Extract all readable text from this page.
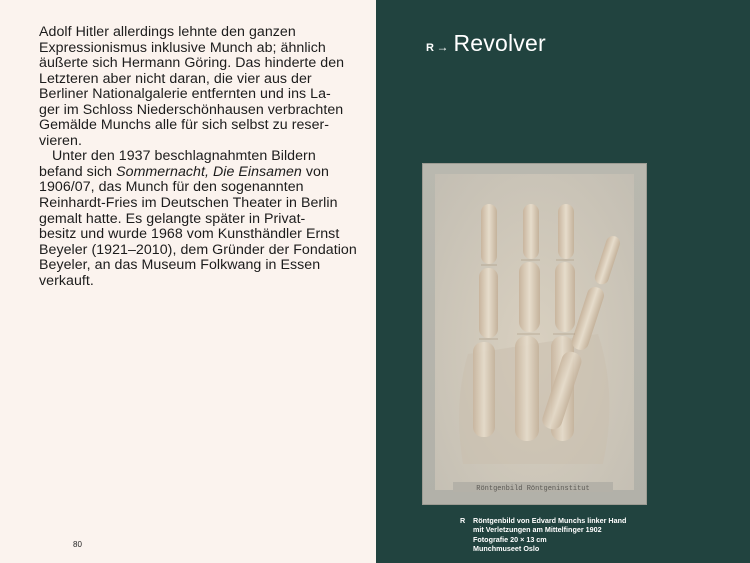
Adolf Hitler allerdings lehnte den ganzen
Expressionismus inklusive Munch ab; ähnlich
äußerte sich Hermann Göring. Das hinderte den
Letzteren aber nicht daran, die vier aus der
Berliner Nationalgalerie entfernten und ins La-
ger im Schloss Niederschönhausen verbrachten
Gemälde Munchs alle für sich selbst zu reser-
vieren.
Unter den 1937 beschlagnahmten Bildern
befand sich Sommernacht, Die Einsamen von
1906/07, das Munch für den sogenannten
Reinhardt-Fries im Deutschen Theater in Berlin
gemalt hatte. Es gelangte später in Privat-
besitz und wurde 1968 vom Kunsthändler Ernst
Beyeler (1921–2010), dem Gründer der Fondation
Beyeler, an das Museum Folkwang in Essen
verkauft.
80
R → Revolver
Röntgenbild Röntgeninstitut
R Röntgenbild von Edvard Munchs linker Hand
mit Verletzungen am Mittelfinger 1902
Fotografie 20 × 13 cm
Munchmuseet Oslo
